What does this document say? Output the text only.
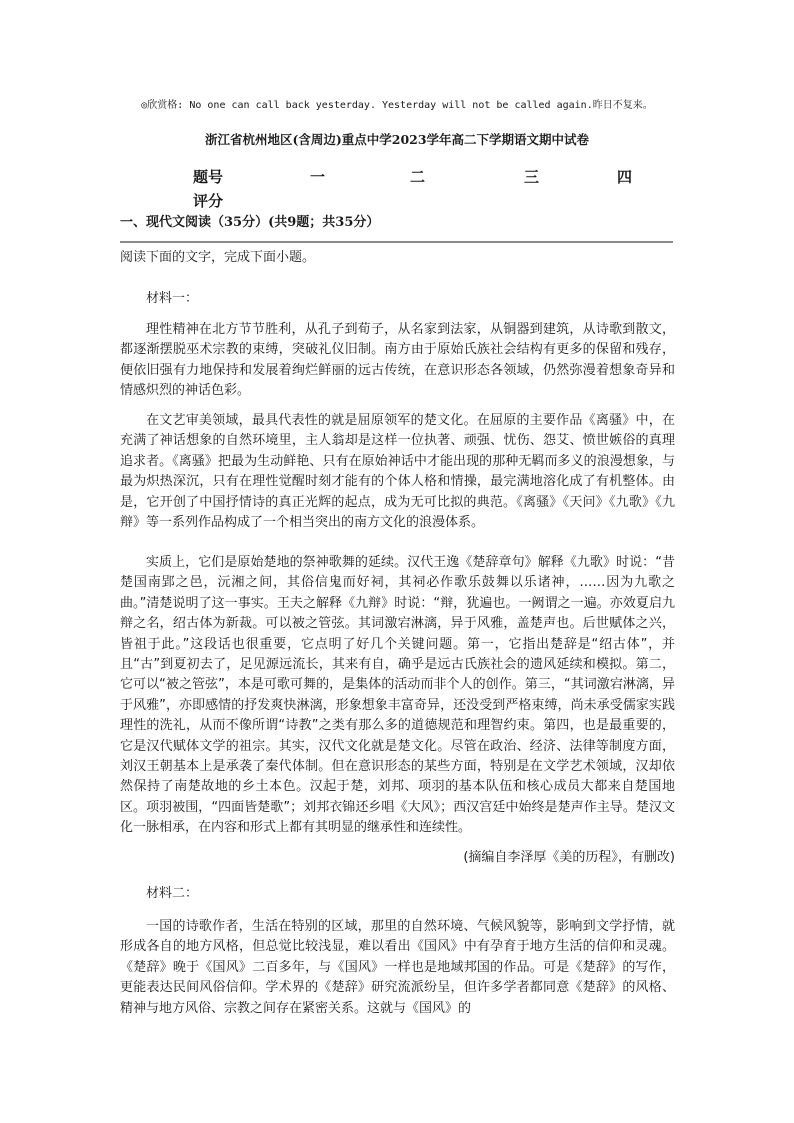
◎欣赏格: No one can call back yesterday. Yesterday will not be called again.昨日不复来。
浙江省杭州地区(含周边)重点中学2023学年高二下学期语文期中试卷
题号	一	二	三	四
评分
一、现代文阅读（35分）(共9题；共35分）

阅读下面的文字，完成下面小题。

材料一：

理性精神在北方节节胜利，从孔子到荀子，从名家到法家，从铜器到建筑，从诗歌到散文，都逐渐摆脱巫术宗教的束缚，突破礼仪旧制。南方由于原始氏族社会结构有更多的保留和残存，便依旧强有力地保持和发展着绚烂鲜丽的远古传统，在意识形态各领域，仍然弥漫着想象奇异和情感炽烈的神话色彩。

在文艺审美领域，最具代表性的就是屈原领军的楚文化。在屈原的主要作品《离骚》中，在充满了神话想象的自然环境里，主人翁却是这样一位执著、顽强、忧伤、怨艾、愤世嫉俗的真理追求者。《离骚》把最为生动鲜艳、只有在原始神话中才能出现的那种无羁而多义的浪漫想象，与最为炽热深沉，只有在理性觉醒时刻才能有的个体人格和情操，最完满地溶化成了有机整体。由是，它开创了中国抒情诗的真正光辉的起点，成为无可比拟的典范。《离骚》《天问》《九歌》《九辩》等一系列作品构成了一个相当突出的南方文化的浪漫体系。

实质上，它们是原始楚地的祭神歌舞的延续。汉代王逸《楚辞章句》解释《九歌》时说：“昔楚国南郢之邑，沅湘之间，其俗信鬼而好祠，其祠必作歌乐鼓舞以乐诸神，……因为九歌之曲。”清楚说明了这一事实。王夫之解释《九辩》时说：“辩，犹遍也。一阙谓之一遍。亦效夏启九辩之名，绍古体为新裁。可以被之管弦。其词激宕淋漓，异于风雅，盖楚声也。后世赋体之兴，皆祖于此。”这段话也很重要，它点明了好几个关键问题。第一，它指出楚辞是“绍古体”，并且“古”到夏初去了，足见源远流长，其来有自，确乎是远古氏族社会的遗风延续和模拟。第二，它可以“被之管弦”，本是可歌可舞的，是集体的活动而非个人的创作。第三，“其词激宕淋漓，异于风雅”，亦即感情的抒发爽快淋漓，形象想象丰富奇异，还没受到严格束缚，尚未承受儒家实践理性的洗礼，从而不像所谓“诗教”之类有那么多的道德规范和理智约束。第四，也是最重要的，它是汉代赋体文学的祖宗。其实，汉代文化就是楚文化。尽管在政治、经济、法律等制度方面，刘汉王朝基本上是承袭了秦代体制。但在意识形态的某些方面，特别是在文学艺术领域，汉却依然保持了南楚故地的乡土本色。汉起于楚，刘邦、项羽的基本队伍和核心成员大都来自楚国地区。项羽被围，“四面皆楚歌”；刘邦衣锦还乡唱《大风》；西汉宫廷中始终是楚声作主导。楚汉文化一脉相承，在内容和形式上都有其明显的继承性和连续性。

(摘编自李泽厚《美的历程》，有删改)

材料二：

一国的诗歌作者，生活在特别的区域，那里的自然环境、气候风貌等，影响到文学抒情，就形成各自的地方风格，但总觉比较浅显，难以看出《国风》中有孕育于地方生活的信仰和灵魂。《楚辞》晚于《国风》二百多年，与《国风》一样也是地域邦国的作品。可是《楚辞》的写作，更能表达民间风俗信仰。学术界的《楚辞》研究流派纷呈，但许多学者都同意《楚辞》的风格、精神与地方风俗、宗教之间存在紧密关系。这就与《国风》的
